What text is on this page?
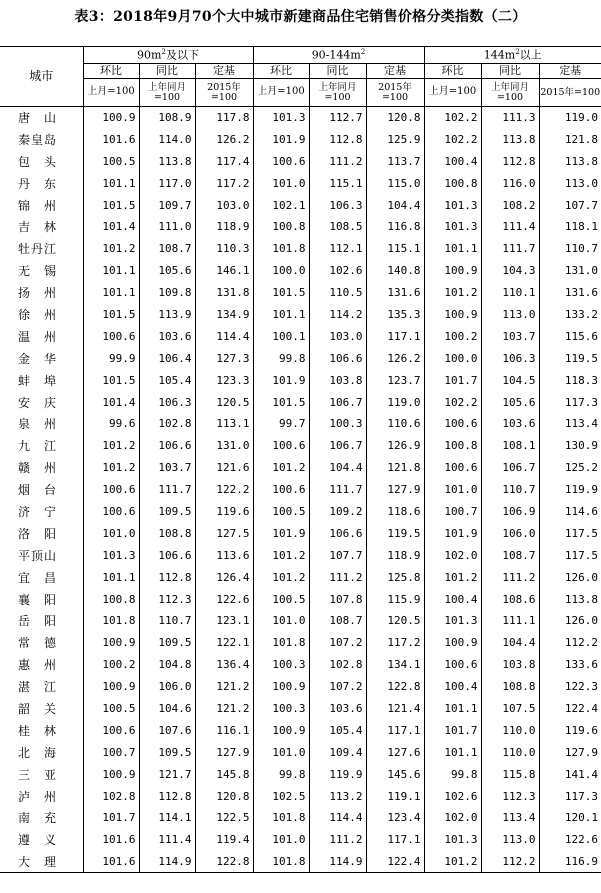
表3：2018年9月70个大中城市新建商品住宅销售价格分类指数（二）
城市	$90m^2$及以下			$90-144m^2$			$144m^2$以上		
	环比	同比	定基	环比	同比	定基	环比	同比	定基
	上月=100	上年同月=100	2015年=100	上月=100	上年同月=100	2015年=100	上月=100	上年同月=100	2015年=100
唐　山	100.9	108.9	117.8	101.3	112.7	120.8	102.2	111.3	119.0
秦皇岛	101.6	114.0	126.2	101.9	112.8	125.9	102.2	113.8	121.8
包　头	100.5	113.8	117.4	100.6	111.2	113.7	100.4	112.8	113.8
丹　东	101.1	117.0	117.2	101.0	115.1	115.0	100.8	116.0	113.0
锦　州	101.5	109.7	103.0	102.1	106.3	104.4	101.3	108.2	107.7
吉　林	101.4	111.0	118.9	100.8	108.5	116.8	101.3	111.4	118.1
牡丹江	101.2	108.7	110.3	101.8	112.1	115.1	101.1	111.7	110.7
无　锡	101.1	105.6	146.1	100.0	102.6	140.8	100.9	104.3	131.0
扬　州	101.1	109.8	131.8	101.5	110.5	131.6	101.2	110.1	131.6
徐　州	101.5	113.9	134.9	101.1	114.2	135.3	100.9	113.0	133.2
温　州	100.6	103.6	114.4	100.1	103.0	117.1	100.2	103.7	115.6
金　华	99.9	106.4	127.3	99.8	106.6	126.2	100.0	106.3	119.5
蚌　埠	101.5	105.4	123.3	101.9	103.8	123.7	101.7	104.5	118.3
安　庆	101.4	106.3	120.5	101.5	106.7	119.0	102.2	105.6	117.3
泉　州	99.6	102.8	113.1	99.7	100.3	110.6	100.6	103.6	113.4
九　江	101.2	106.6	131.0	100.6	106.7	126.9	100.8	108.1	130.9
赣　州	101.2	103.7	121.6	101.2	104.4	121.8	100.6	106.7	125.2
烟　台	100.6	111.7	122.2	100.6	111.7	127.9	101.0	110.7	119.9
济　宁	100.6	109.5	119.6	100.5	109.2	118.6	100.7	106.9	114.6
洛　阳	101.0	108.8	127.5	101.9	106.6	119.5	101.9	106.0	117.5
平顶山	101.3	106.6	113.6	101.2	107.7	118.9	102.0	108.7	117.5
宜　昌	101.1	112.8	126.4	101.2	111.2	125.8	101.2	111.2	126.0
襄　阳	100.8	112.3	122.6	100.5	107.8	115.9	100.4	108.6	113.8
岳　阳	101.8	110.7	123.1	101.0	108.7	120.5	101.3	111.1	126.0
常　德	100.9	109.5	122.1	101.8	107.2	117.2	100.9	104.4	112.2
惠　州	100.2	104.8	136.4	100.3	102.8	134.1	100.6	103.8	133.6
湛　江	100.9	106.0	121.2	100.9	107.2	122.8	100.4	108.8	122.3
韶　关	100.5	104.6	121.2	100.3	103.6	121.4	101.1	107.5	122.4
桂　林	100.6	107.6	116.1	100.9	105.4	117.1	101.7	110.0	119.6
北　海	100.7	109.5	127.9	101.0	109.4	127.6	101.1	110.0	127.9
三　亚	100.9	121.7	145.8	99.8	119.9	145.6	99.8	115.8	141.4
泸　州	102.8	112.8	120.8	102.5	113.2	119.1	102.6	112.3	117.3
南　充	101.7	114.1	122.5	101.8	114.4	123.4	102.0	113.4	120.1
遵　义	101.6	111.4	119.4	101.0	111.2	117.1	101.3	113.0	122.6
大　理	101.6	114.9	122.8	101.8	114.9	122.4	101.2	112.2	116.9
